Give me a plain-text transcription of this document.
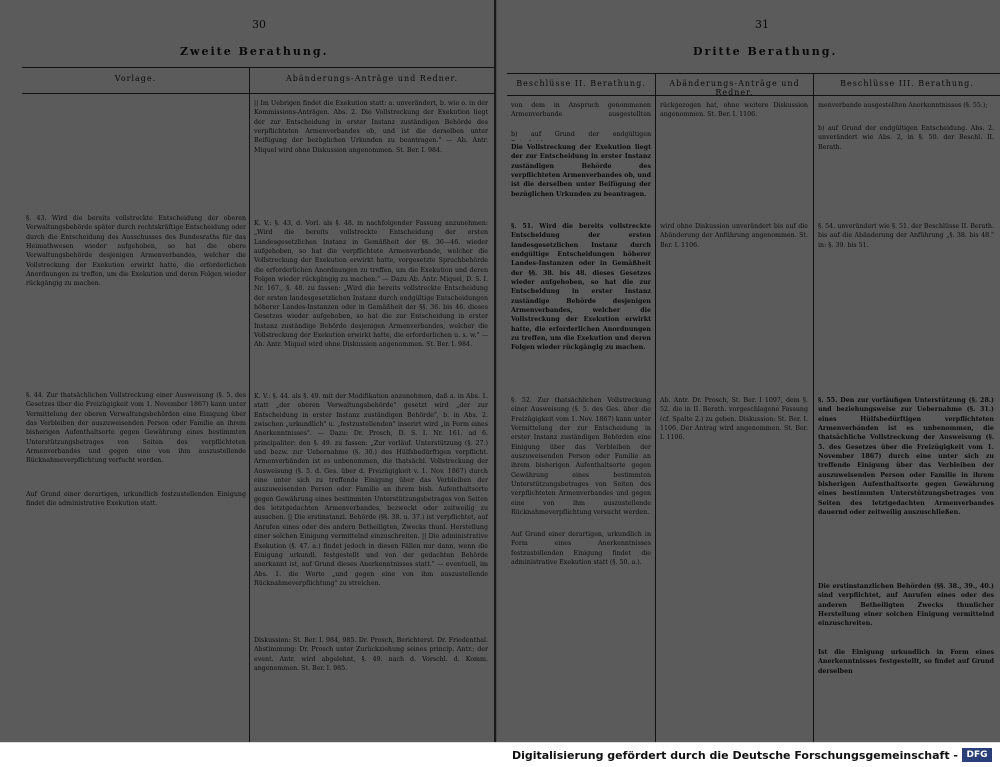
30
Zweite Berathung.
Vorlage.	Abänderungs-Anträge und Redner.

§. 43. Wird die bereits vollstreckte Entscheidung der oberen Verwaltungsbehörde später durch rechtskräftige Entscheidung oder durch die Entscheidung des Ausschusses des Bundesraths für das Heimathwesen wieder aufgehoben, so hat die obere Verwaltungsbehörde desjenigen Armenverbandes, welcher die Vollstreckung der Exekution erwirkt hatte, die erforderlichen Anordnungen zu treffen, um die Exekution und deren Folgen wieder rückgängig zu machen.

§. 44. Zur thatsächlichen Vollstreckung einer Ausweisung (§. 5. des Gesetzes über die Freizügigkeit vom 1. November 1867) kann unter Vermittelung der oberen Verwaltungsbehörden eine Einigung über das Verbleiben der auszuweisenden Person oder Familie an ihrem bisherigen Aufenthaltsorte gegen Gewährung eines bestimmten Unterstützungsbetrages von Seiten des verpflichteten Armenverbandes und gegen eine von ihm auszustellende Rücknahmeverpflichtung verfucht werden.

Auf Grund einer derartigen, urkundlich festzustellenden Einigung findet die administrative Exekution statt.

|| Im Uebrigen findet die Exekution statt: a. unverändert, b. wie o. in der Kommissions-Anträgen. Abs. 2. Die Vollstreckung der Exekution liegt der zur Entscheidung in erster Instanz zuständigen Behörde des verpflichteten Armenverbandes ob, und ist die derselben unter Beifügung der bezüglichen Urkunden zu beantragen." — Ab. Antr. Miquel wird ohne Diskussion angenommen. St. Ber. I. 984.

K. V.: §. 43, d. Vorl. als §. 48. in nachfolgender Fassung anzunehmen: „Wird die bereits vollstreckte Entscheidung der ersten Landesgesetzlichen Instanz in Gemäßheit der §§. 36—46. wieder aufgehoben, so hat die verpflichtete Armenverbande, welcher die Vollstreckung der Exekution erwirkt hatte, vorgesetzte Spruchbehörde die erforderlichen Anordnungen zu treffen, um die Exekution und deren Folgen wieder rückgängig zu machen." — Dazu Ab. Antr. Miquel, D. S. I. Nr. 167., §. 48. zu fassen: „Wird die bereits vollstreckte Entscheidung der ersten landesgesetzlichen Instanz durch endgültige Entscheidungen höherer Landes-Instanzen oder in Gemäßheit der §§. 36. bis 46. dieses Gesetzes wieder aufgehoben, so hat die zur Entscheidung in erster Instanz zuständige Behörde desjenigen Armenverbandes, welcher die Vollstreckung der Exekution erwirkt hatte, die erforderlichen u. s. w." — Ab. Antr. Miquel wird ohne Diskussion angenommen. St. Ber. I. 984.

K. V.: §. 44. als §. 49. mit der Modifikation anzunehmen, daß a. in Abs. 1. statt „der oberen Verwaltungsbehörde" gesetzt wird „der zur Entscheidung in erster Instanz zuständigen Behörde", b. in Abs. 2. zwischen „urkundlich" u. „festzustellenden" inserirt wird „in Form eines Anerkenntnisses". — Dazu: Dr. Prosch, D. S. I. Nr. 161. ad 6. principaliter: den §. 49. zu fassen: „Zur vorläuf. Unterstützung (§. 27.) und bezw. zur Uebernahme (§. 30.) des Hülfsbedürftigen verpflicht. Armenverbänden ist es unbenommen, die thatsächl. Vollstreckung der Ausweisung (§. 5. d. Ges. über d. Freizügigkeit v. 1. Nov. 1867) durch eine unter sich zu treffende Einigung über das Verbleiben der auszuweisenden Person oder Familie an ihrem bish. Aufenthaltsorte gegen Gewährung eines bestimmten Unterstützungsbetrages von Seiten des letztgedachten Armenverbandes, bezweckt oder zeitweilig zu ausschen. || Die erstinstanzl. Behörde (§§. 38. u. 37.) ist verpflichtet, auf Anrufen eines oder des andern Betheiligten, Zwecks thunl. Herstellung einer solchen Einigung vermittelnd einzuschreiten. || Die administrative Exekution (§. 47. a.) findet jedoch in diesen Fällen nur dann, wenn die Einigung urkundl. festgestellt und von der gedachten Behörde anerkannt ist, auf Grund dieses Anerkenntnisses statt." — eventuell, im Abs. 1. die Worte „und gegen eine von ihm auszustellende Rücknahmeverpflichtung" zu streichen.

Diskussion: St. Ber. I. 984, 985. Dr. Prosch, Berichterst. Dr. Friedenthal. Abstimmung: Dr. Prosch unter Zurückziehung seines princip. Antr.; der event. Antr. wird abgelehnt, §. 49. nach d. Vorschl. d. Komm. angenommen. St. Ber. I. 985.

31
Dritte Berathung.
Beschlüsse II. Berathung.	Abänderungs-Anträge und Redner.
Beschlüsse III. Berathung.

von dem in Anspruch genommenen Armenverbande ausgestellten

b) auf Grund der endgültigen

Die Vollstreckung der Exekution liegt der zur Entscheidung in erster Instanz zuständigen Behörde des verpflichteten Armenverbandes ob, und ist die derselben unter Beifügung der bezüglichen Urkunden zu beantragen.

§. 51. Wird die bereits vollstreckte Entscheidung der ersten landesgesetzlichen Instanz durch endgültige Entscheidungen höherer Landes-Instanzen oder in Gemäßheit der §§. 38. bis 48. dieses Gesetzes wieder aufgehoben, so hat die zur Entscheidung in erster Instanz zuständige Behörde desjenigen Armenverbandes, welcher die Vollstreckung der Exekution erwirkt hatte, die erforderlichen Anordnungen zu treffen, um die Exekution und deren Folgen wieder rückgängig zu machen.

§. 52. Zur thatsächlichen Vollstreckung einer Ausweisung (§. 5. des Ges. über die Freizügigkeit vom 1. Nov. 1867) kann unter Vermittelung der zur Entscheidung in erster Instanz zuständigen Behörden eine Einigung über das Verbleiben der auszuweisenden Person oder Familie an ihrem bisherigen Aufenthaltsorte gegen Gewährung eines bestimmten Unterstützungsbetrages von Seiten des verpflichteten Armenverbandes und gegen eine von ihm auszustellende Rücknahmeverpflichtung versucht werden.

Auf Grund einer derartigen, urkundlich in Form eines Anerkenntnisses festzustellenden Einigung findet die administrative Exekution statt (§. 50. a.).

rückgezogen hat, ohne weitere Diskussion angenommen. St. Ber. I. 1106.

wird ohne Diskussion unverändert bis auf die Abänderung der Anführung angenommen. St. Ber. I. 1106.

Ab. Antr. Dr. Prosch, St. Ber. I 1097, dem §. 52. die in II. Berath. vorgeschlagene Fassung (cf. Spalte 2.) zu geben. Diskussion: St. Ber. I. 1106. Der Antrag wird angenommen. St. Ber. I. 1106.

menverbande ausgestellten Anerkenntnisses (§. 55.);

b) auf Grund der endgültigen Entscheidung. Abs. 2. unverändert wie Abs. 2, in §. 50. der Beschl. II. Berath.

§. 54. unverändert wie §. 51. der Beschlüsse II. Berath. bis auf die Abänderung der Anführung „§. 38. bis 48." in: §. 39. bis 51.

§. 55. Den zur vorläufigen Unterstützung (§. 28.) und beziehungsweise zur Uebernahme (§. 31.) eines Hülfsbedürftigen verpflichteten Armenverbänden ist es unbenommen, die thatsächliche Vollstreckung der Ausweisung (§. 5. des Gesetzes über die Freizügigkeit vom 1. November 1867) durch eine unter sich zu treffende Einigung über das Verbleiben der auszuweisenden Person oder Familie in ihrem bisherigen Aufenthaltsorte gegen Gewährung eines bestimmten Unterstützungsbetrages von Seiten des letztgedachten Armenverbandes dauernd oder zeitweilig auszuschließen.

Die erstinstanzlichen Behörden (§§. 38., 39., 40.) sind verpflichtet, auf Anrufen eines oder des anderen Betheiligten Zwecks thunlicher Herstellung einer solchen Einigung vermittelnd einzuschreiten.

Ist die Einigung urkundlich in Form eines Anerkenntnisses festgestellt, so findet auf Grund derselben

Digitalisierung gefördert durch die Deutsche Forschungsgemeinschaft - DFG
